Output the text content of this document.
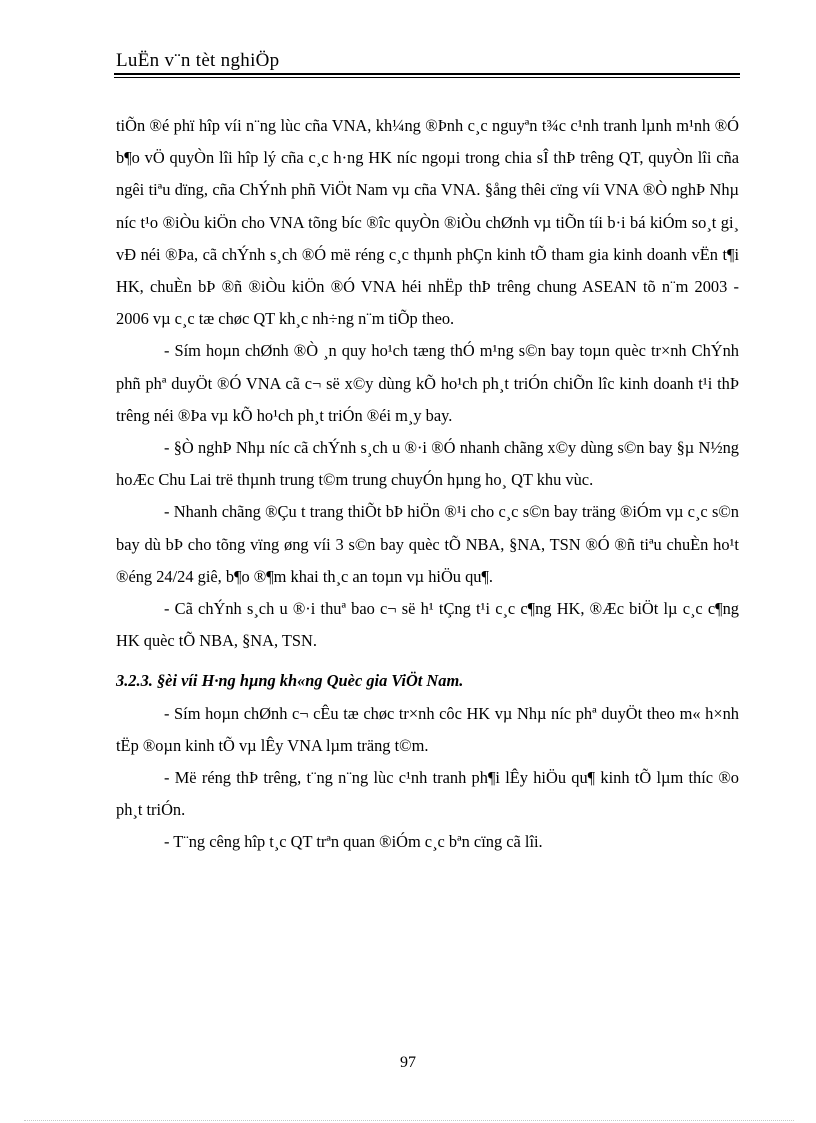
LuËn v¨n tèt nghiÖp

tiÕn ®é phï hîp víi n¨ng lùc cña VNA, kh¼ng ®Þnh c¸c nguyªn t¾c c¹nh tranh lµnh m¹nh ®Ó b¶o vÖ quyÒn lîi hîp lý cña c¸c h·ng HK níc ngoµi trong chia sÎ thÞ trêng QT, quyÒn lîi cña ngêi tiªu dïng, cña ChÝnh phñ ViÖt Nam vµ cña VNA. §ång thêi cïng víi VNA ®Ò nghÞ Nhµ níc t¹o ®iÒu kiÖn cho VNA tõng bíc ®îc quyÒn ®iÒu chØnh vµ tiÕn tíi b·i bá kiÓm so¸t gi¸ vÐ néi ®Þa, cã chÝnh s¸ch ®Ó më réng c¸c thµnh phÇn kinh tÕ tham gia kinh doanh vËn t¶i HK, chuÈn bÞ ®ñ ®iÒu kiÖn ®Ó VNA héi nhËp thÞ trêng chung ASEAN tõ n¨m 2003 - 2006 vµ c¸c tæ chøc QT kh¸c nh÷ng n¨m tiÕp theo.

- Sím hoµn chØnh ®Ò ¸n quy ho¹ch tæng thÓ m¹ng s©n bay toµn quèc tr×nh ChÝnh phñ phª duyÖt ®Ó VNA cã c¬ së x©y dùng kÕ ho¹ch ph¸t triÓn chiÕn lîc kinh doanh t¹i thÞ trêng néi ®Þa vµ kÕ ho¹ch ph¸t triÓn ®éi m¸y bay.

- §Ò nghÞ Nhµ níc cã chÝnh s¸ch u ®·i ®Ó nhanh chãng x©y dùng s©n bay §µ N½ng hoÆc Chu Lai trë thµnh trung t©m trung chuyÓn hµng ho¸ QT khu vùc.

- Nhanh chãng ®Çu t trang thiÕt bÞ hiÖn ®¹i cho c¸c s©n bay träng ®iÓm vµ c¸c s©n bay dù bÞ cho tõng vïng øng víi 3 s©n bay quèc tÕ NBA, §NA, TSN ®Ó ®ñ tiªu chuÈn ho¹t ®éng 24/24 giê, b¶o ®¶m khai th¸c an toµn vµ hiÖu qu¶.

- Cã chÝnh s¸ch u ®·i thuª bao c¬ së h¹ tÇng t¹i c¸c c¶ng HK, ®Æc biÖt lµ c¸c c¶ng HK quèc tÕ NBA, §NA, TSN.

3.2.3. §èi víi H·ng hµng kh«ng Quèc gia ViÖt Nam.

- Sím hoµn chØnh c¬ cÊu tæ chøc tr×nh côc HK vµ Nhµ níc phª duyÖt theo m« h×nh tËp ®oµn kinh tÕ vµ lÊy VNA lµm träng t©m.

- Më réng thÞ trêng, t¨ng n¨ng lùc c¹nh tranh ph¶i lÊy hiÖu qu¶ kinh tÕ lµm thíc ®o ph¸t triÓn.

- T¨ng cêng hîp t¸c QT trªn quan ®iÓm c¸c bªn cïng cã lîi.

97
